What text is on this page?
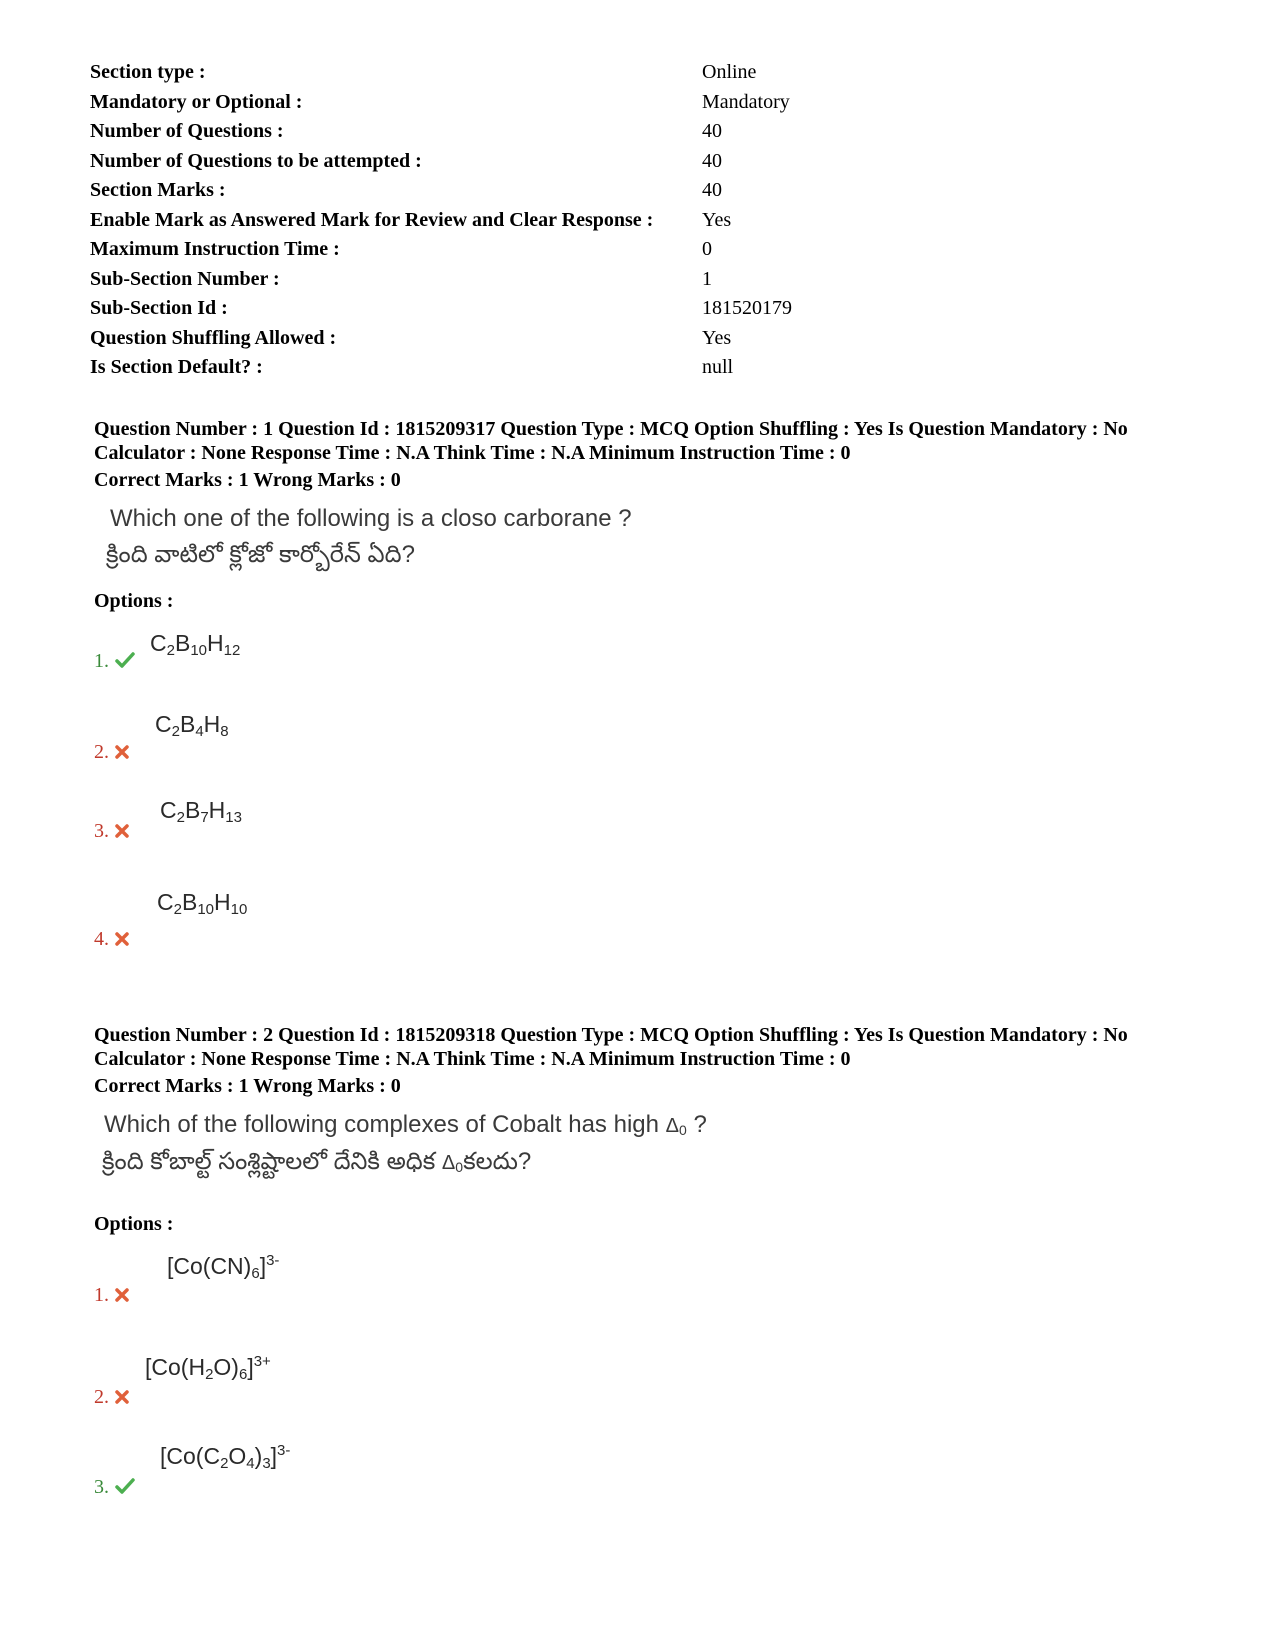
Section type :	Online
Mandatory or Optional :	Mandatory
Number of Questions :	40
Number of Questions to be attempted :	40
Section Marks :	40
Enable Mark as Answered Mark for Review and Clear Response :	Yes
Maximum Instruction Time :	0
Sub-Section Number :	1
Sub-Section Id :	181520179
Question Shuffling Allowed :	Yes
Is Section Default? :	null
Question Number : 1 Question Id : 1815209317 Question Type : MCQ Option Shuffling : Yes Is Question Mandatory : No Calculator : None Response Time : N.A Think Time : N.A Minimum Instruction Time : 0
Correct Marks : 1 Wrong Marks : 0
Which one of the following is a closo carborane ?
క్రింది వాటిలో క్లోజో కార్బోరేన్ ఏది?
Options :
$C_2B_{10}H_{12}$
1.
$C_2B_4H_8$
2.
$C_2B_7H_{13}$
3.
$C_2B_{10}H_{10}$
4.
Question Number : 2 Question Id : 1815209318 Question Type : MCQ Option Shuffling : Yes Is Question Mandatory : No Calculator : None Response Time : N.A Think Time : N.A Minimum Instruction Time : 0
Correct Marks : 1 Wrong Marks : 0
Which of the following complexes of Cobalt has high $\Delta_0$ ?
క్రింది కోబాల్ట్ సంశ్లిష్టాలలో దేనికి అధిక $\Delta_0కలదు$?
Options :
$[Co(CN)_6]^{3-}$
1.
$[Co(H_2O)_6]^{3+}$
2.
$[Co(C_2O_4)_3]^{3-}$
3.
